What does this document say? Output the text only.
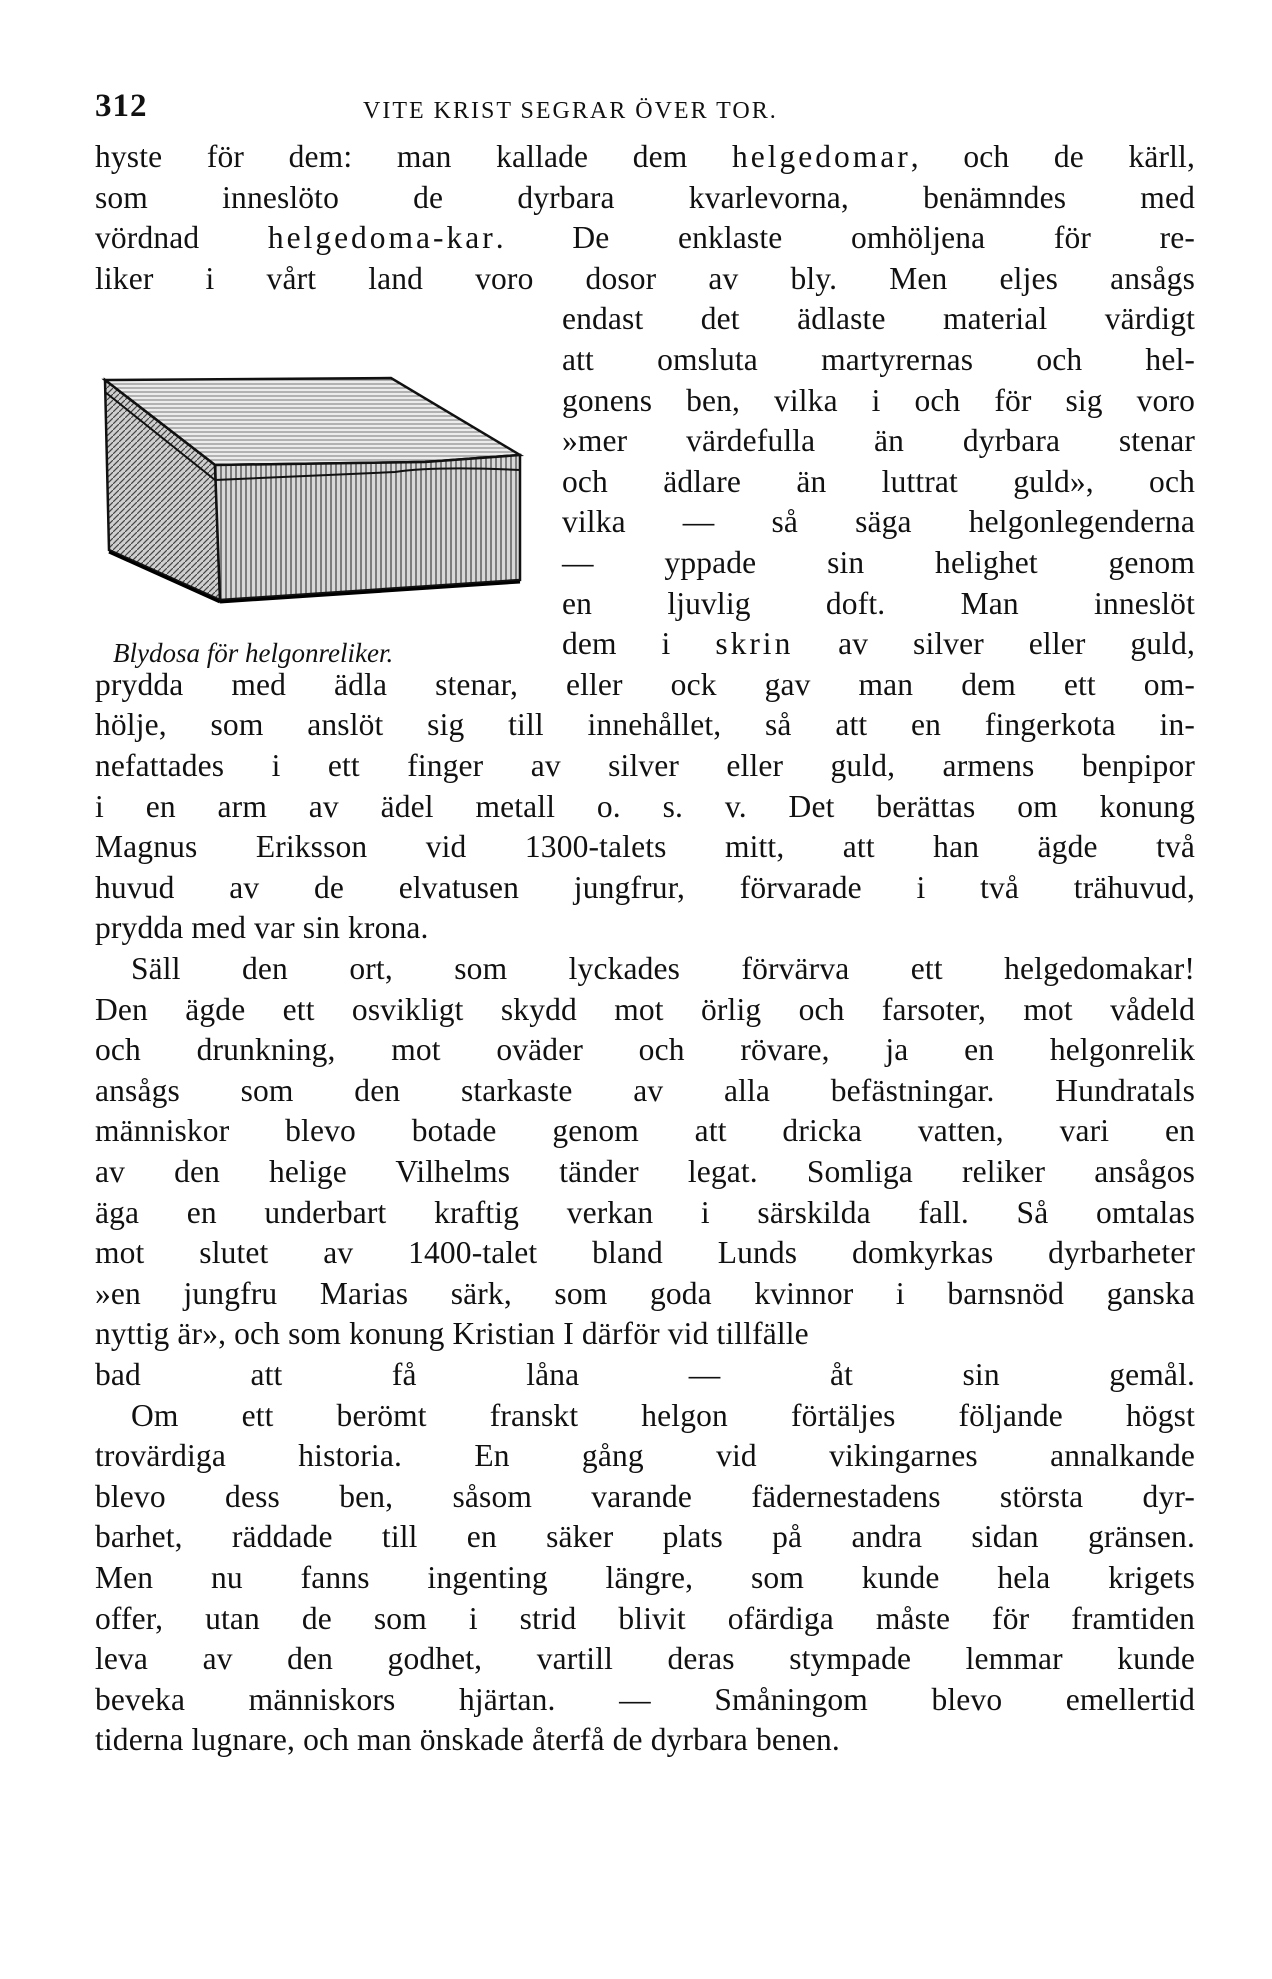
312	VITE KRIST SEGRAR ÖVER TOR.
Blydosa för helgonreliker.
hyste för dem: man kallade dem helgedomar, och de kärll,
som inneslöto de dyrbara kvarlevorna, benämndes med
vördnad helgedoma-kar. De enklaste omhöljena för re-
liker i vårt land voro dosor av bly. Men eljes ansågs
endast det ädlaste material värdigt
att omsluta martyrernas och hel-
gonens ben, vilka i och för sig voro
»mer värdefulla än dyrbara stenar
och ädlare än luttrat guld», och
vilka — så säga helgonlegenderna
— yppade sin helighet genom
en ljuvlig doft. Man inneslöt
dem i skrin av silver eller guld,
prydda med ädla stenar, eller ock gav man dem ett om-
hölje, som anslöt sig till innehållet, så att en fingerkota in-
nefattades i ett finger av silver eller guld, armens benpipor
i en arm av ädel metall o. s. v. Det berättas om konung
Magnus Eriksson vid 1300-talets mitt, att han ägde två
huvud av de elvatusen jungfrur, förvarade i två trähuvud,
prydda med var sin krona.
Säll den ort, som lyckades förvärva ett helgedomakar!
Den ägde ett osvikligt skydd mot örlig och farsoter, mot vådeld
och drunkning, mot oväder och rövare, ja en helgonrelik
ansågs som den starkaste av alla befästningar. Hundratals
människor blevo botade genom att dricka vatten, vari en
av den helige Vilhelms tänder legat. Somliga reliker ansågos
äga en underbart kraftig verkan i särskilda fall. Så omtalas
mot slutet av 1400-talet bland Lunds domkyrkas dyrbarheter
»en jungfru Marias särk, som goda kvinnor i barnsnöd ganska
nyttig är», och som konung Kristian I därför vid tillfälle
bad att få låna — åt sin gemål.
Om ett berömt franskt helgon förtäljes följande högst
trovärdiga historia. En gång vid vikingarnes annalkande
blevo dess ben, såsom varande fädernestadens största dyr-
barhet, räddade till en säker plats på andra sidan gränsen.
Men nu fanns ingenting längre, som kunde hela krigets
offer, utan de som i strid blivit ofärdiga måste för framtiden
leva av den godhet, vartill deras stympade lemmar kunde
beveka människors hjärtan. — Småningom blevo emellertid
tiderna lugnare, och man önskade återfå de dyrbara benen.
